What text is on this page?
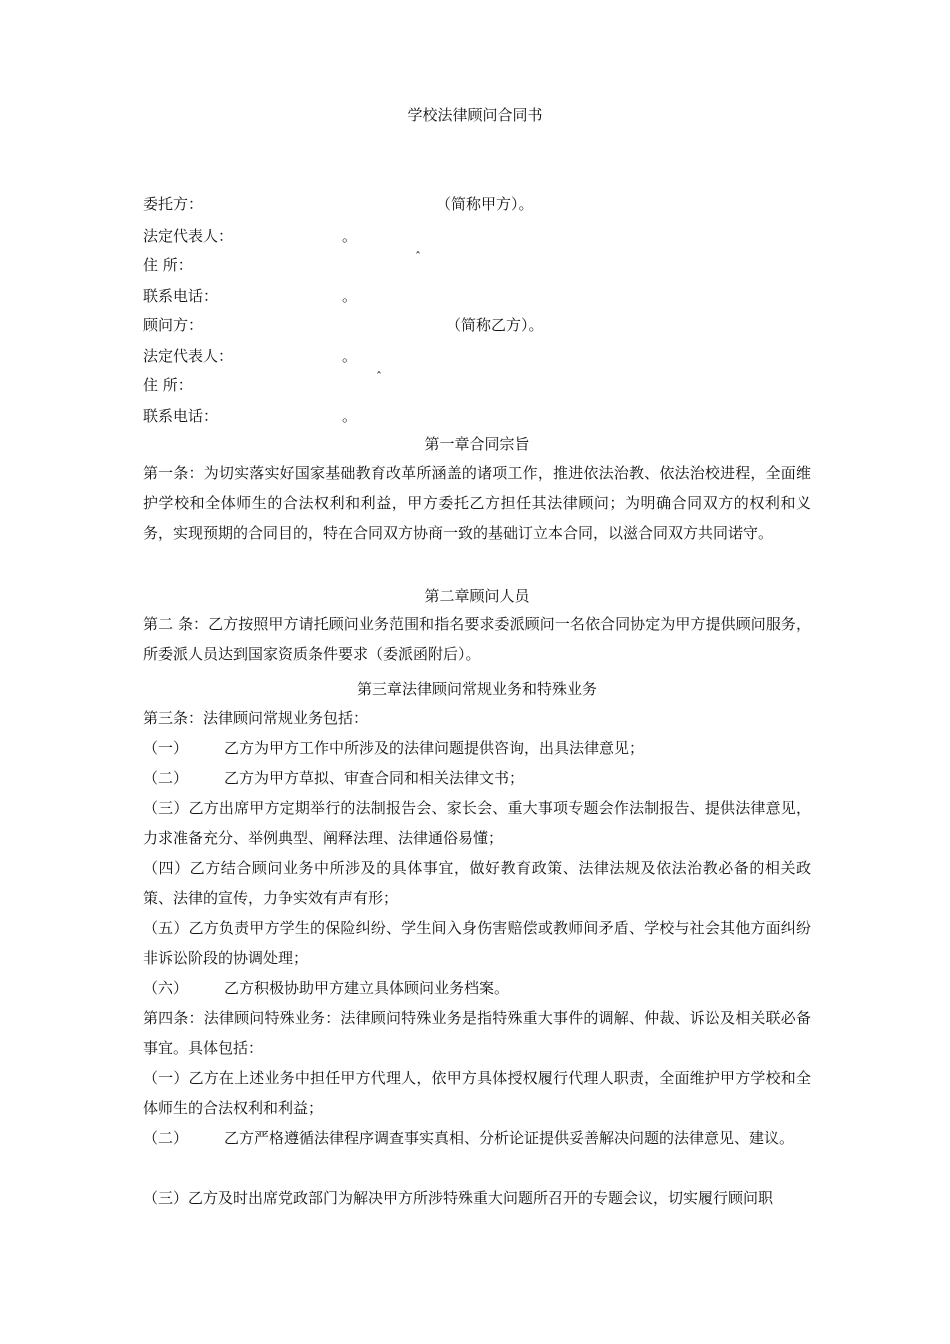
学校法律顾问合同书
委托方：	（简称甲方）。
法定代表人：	。
住 所：	ˆ
联系电话：	。
顾问方：	（简称乙方）。
法定代表人：	。
住 所：	ˆ
联系电话：	。
第一章合同宗旨
第一条：为切实落实好国家基础教育改革所涵盖的诸项工作，推进依法治教、依法治校进程，全面维护学校和全体师生的合法权利和利益，甲方委托乙方担任其法律顾问；为明确合同双方的权利和义务，实现预期的合同目的，特在合同双方协商一致的基础订立本合同，以滋合同双方共同诺守。
第二章顾问人员
第二 条：乙方按照甲方请托顾问业务范围和指名要求委派顾问一名依合同协定为甲方提供顾问服务，所委派人员达到国家资质条件要求（委派函附后）。
第三章法律顾问常规业务和特殊业务
第三条：法律顾问常规业务包括：
（一） 乙方为甲方工作中所涉及的法律问题提供咨询，出具法律意见；
（二） 乙方为甲方草拟、审查合同和相关法律文书；
（三）乙方出席甲方定期举行的法制报告会、家长会、重大事项专题会作法制报告、提供法律意见，力求准备充分、举例典型、阐释法理、法律通俗易懂；
（四）乙方结合顾问业务中所涉及的具体事宜，做好教育政策、法律法规及依法治教必备的相关政策、法律的宣传，力争实效有声有形；
（五）乙方负责甲方学生的保险纠纷、学生间入身伤害赔偿或教师间矛盾、学校与社会其他方面纠纷非诉讼阶段的协调处理；
（六） 乙方积极协助甲方建立具体顾问业务档案。
第四条：法律顾问特殊业务：法律顾问特殊业务是指特殊重大事件的调解、仲裁、诉讼及相关联必备事宜。具体包括：
（一）乙方在上述业务中担任甲方代理人，依甲方具体授权履行代理人职责，全面维护甲方学校和全体师生的合法权利和利益；
（二） 乙方严格遵循法律程序调查事实真相、分析论证提供妥善解决问题的法律意见、建议。
（三）乙方及时出席党政部门为解决甲方所涉特殊重大问题所召开的专题会议，切实履行顾问职
